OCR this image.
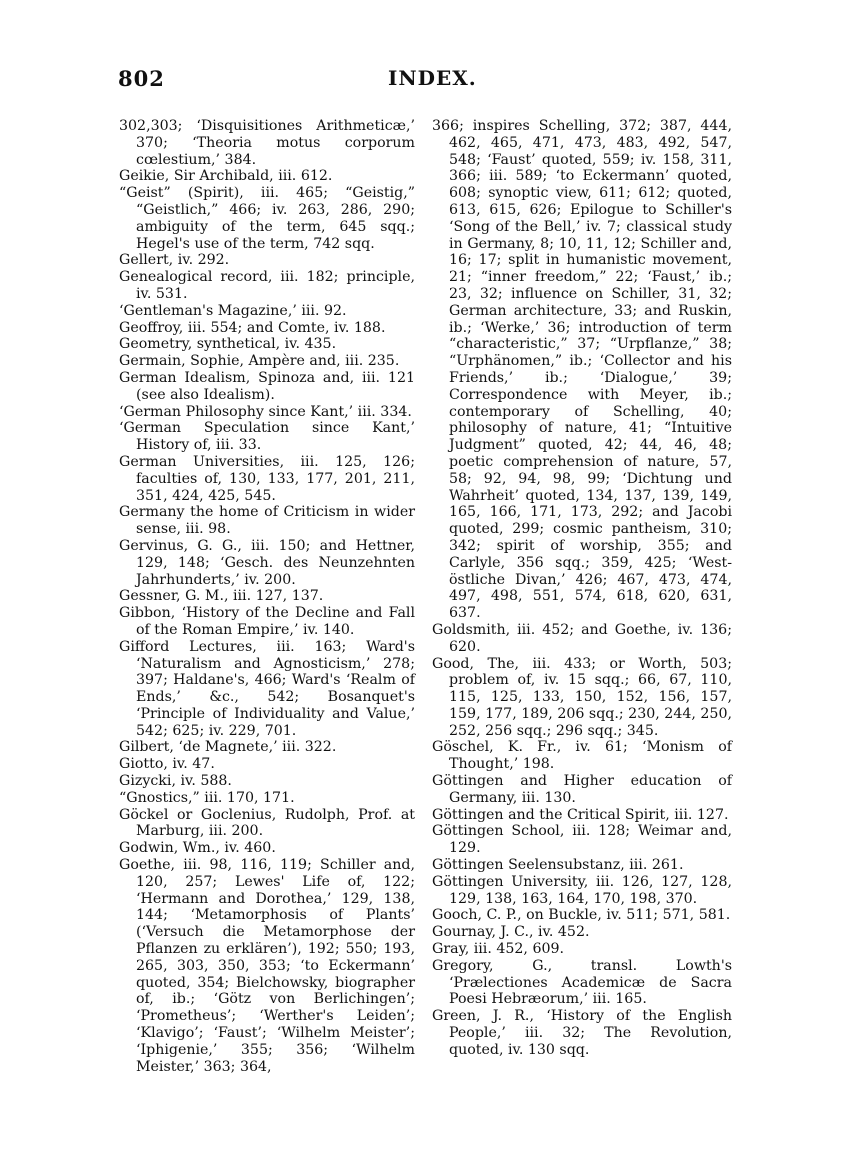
802	INDEX.

302,303; ‘Disquisitiones Arithmeticæ,’ 370; ‘Theoria motus corporum cœlestium,’ 384.

Geikie, Sir Archibald, iii. 612.

“Geist” (Spirit), iii. 465; “Geistig,” “Geistlich,” 466; iv. 263, 286, 290; ambiguity of the term, 645 sqq.; Hegel's use of the term, 742 sqq.

Gellert, iv. 292.

Genealogical record, iii. 182; principle, iv. 531.

‘Gentleman's Magazine,’ iii. 92.

Geoffroy, iii. 554; and Comte, iv. 188.

Geometry, synthetical, iv. 435.

Germain, Sophie, Ampère and, iii. 235.

German Idealism, Spinoza and, iii. 121 (see also Idealism).

‘German Philosophy since Kant,’ iii. 334.

‘German Speculation since Kant,’ History of, iii. 33.

German Universities, iii. 125, 126; faculties of, 130, 133, 177, 201, 211, 351, 424, 425, 545.

Germany the home of Criticism in wider sense, iii. 98.

Gervinus, G. G., iii. 150; and Hettner, 129, 148; ‘Gesch. des Neunzehnten Jahrhunderts,’ iv. 200.

Gessner, G. M., iii. 127, 137.

Gibbon, ‘History of the Decline and Fall of the Roman Empire,’ iv. 140.

Gifford Lectures, iii. 163; Ward's ‘Naturalism and Agnosticism,’ 278; 397; Haldane's, 466; Ward's ‘Realm of Ends,’ &c., 542; Bosanquet's ‘Principle of Individuality and Value,’ 542; 625; iv. 229, 701.

Gilbert, ‘de Magnete,’ iii. 322.

Giotto, iv. 47.

Gizycki, iv. 588.

“Gnostics,” iii. 170, 171.

Göckel or Goclenius, Rudolph, Prof. at Marburg, iii. 200.

Godwin, Wm., iv. 460.

Goethe, iii. 98, 116, 119; Schiller and, 120, 257; Lewes' Life of, 122; ‘Hermann and Dorothea,’ 129, 138, 144; ‘Metamorphosis of Plants’ (‘Versuch die Metamorphose der Pflanzen zu erklären’), 192; 550; 193, 265, 303, 350, 353; ‘to Eckermann’ quoted, 354; Bielchowsky, biographer of, ib.; ‘Götz von Berlichingen’; ‘Prometheus’; ‘Werther's Leiden’; ‘Klavigo’; ‘Faust’; ‘Wilhelm Meister’; ‘Iphigenie,’ 355; 356; ‘Wilhelm Meister,’ 363; 364,

366; inspires Schelling, 372; 387, 444, 462, 465, 471, 473, 483, 492, 547, 548; ‘Faust’ quoted, 559; iv. 158, 311, 366; iii. 589; ‘to Eckermann’ quoted, 608; synoptic view, 611; 612; quoted, 613, 615, 626; Epilogue to Schiller's ‘Song of the Bell,’ iv. 7; classical study in Germany, 8; 10, 11, 12; Schiller and, 16; 17; split in humanistic movement, 21; “inner freedom,” 22; ‘Faust,’ ib.; 23, 32; influence on Schiller, 31, 32; German architecture, 33; and Ruskin, ib.; ‘Werke,’ 36; introduction of term “characteristic,” 37; “Urpflanze,” 38; “Urphänomen,” ib.; ‘Collector and his Friends,’ ib.; ‘Dialogue,’ 39; Correspondence with Meyer, ib.; contemporary of Schelling, 40; philosophy of nature, 41; “Intuitive Judgment” quoted, 42; 44, 46, 48; poetic comprehension of nature, 57, 58; 92, 94, 98, 99; ‘Dichtung und Wahrheit’ quoted, 134, 137, 139, 149, 165, 166, 171, 173, 292; and Jacobi quoted, 299; cosmic pantheism, 310; 342; spirit of worship, 355; and Carlyle, 356 sqq.; 359, 425; ‘West-östliche Divan,’ 426; 467, 473, 474, 497, 498, 551, 574, 618, 620, 631, 637.

Goldsmith, iii. 452; and Goethe, iv. 136; 620.

Good, The, iii. 433; or Worth, 503; problem of, iv. 15 sqq.; 66, 67, 110, 115, 125, 133, 150, 152, 156, 157, 159, 177, 189, 206 sqq.; 230, 244, 250, 252, 256 sqq.; 296 sqq.; 345.

Göschel, K. Fr., iv. 61; ‘Monism of Thought,’ 198.

Göttingen and Higher education of Germany, iii. 130.

Göttingen and the Critical Spirit, iii. 127.

Göttingen School, iii. 128; Weimar and, 129.

Göttingen Seelensubstanz, iii. 261.

Göttingen University, iii. 126, 127, 128, 129, 138, 163, 164, 170, 198, 370.

Gooch, C. P., on Buckle, iv. 511; 571, 581.

Gournay, J. C., iv. 452.

Gray, iii. 452, 609.

Gregory, G., transl. Lowth's ‘Prælectiones Academicæ de Sacra Poesi Hebræorum,’ iii. 165.

Green, J. R., ‘History of the English People,’ iii. 32; The Revolution, quoted, iv. 130 sqq.
